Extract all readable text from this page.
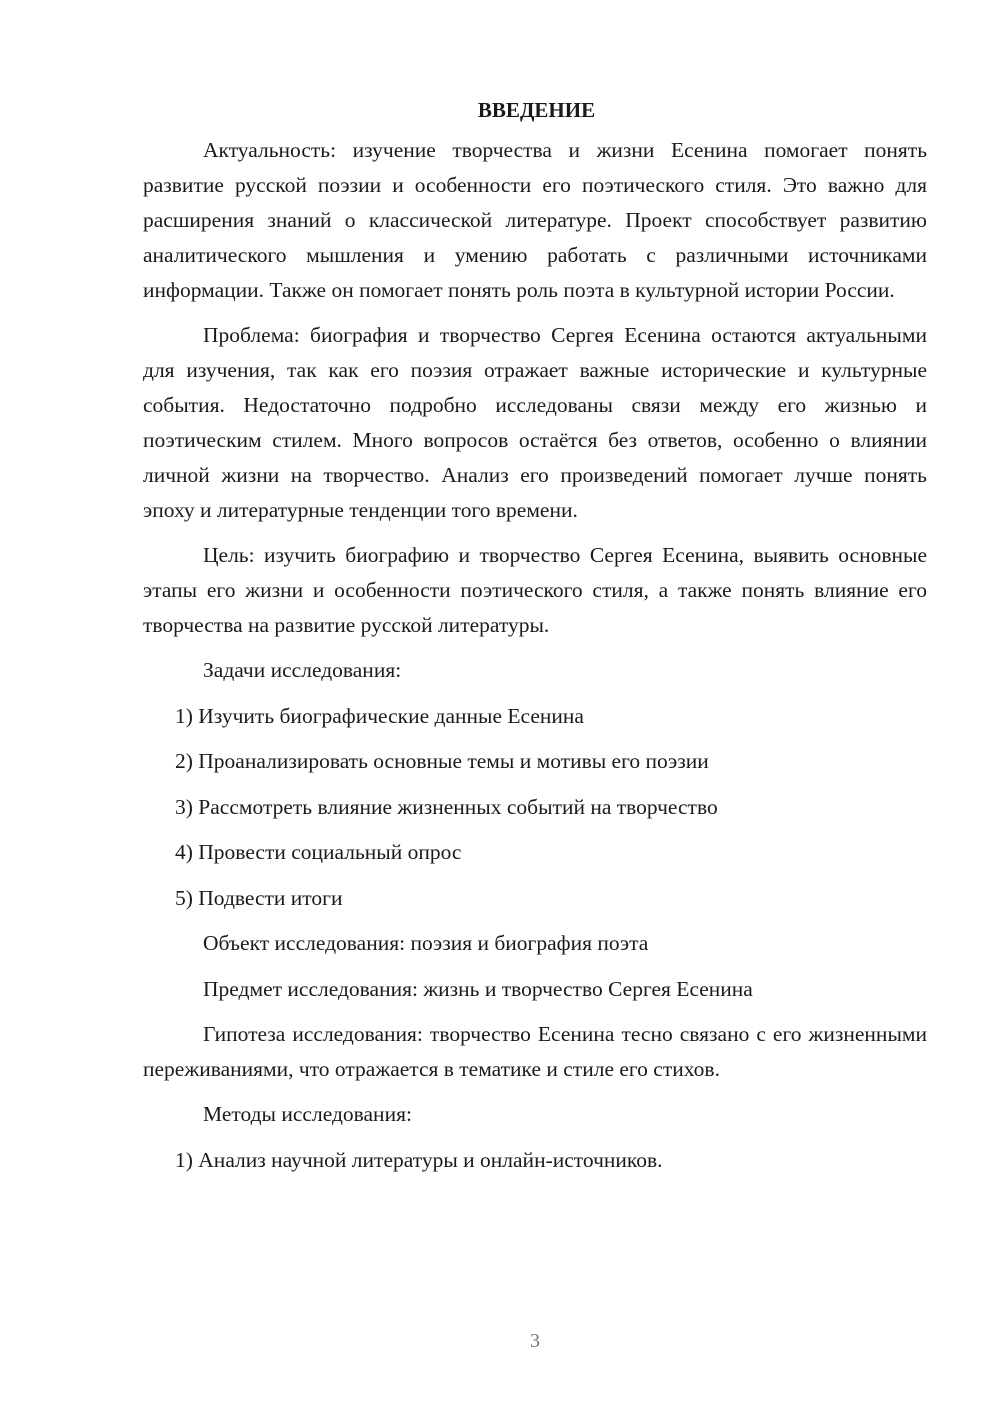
ВВЕДЕНИЕ

Актуальность: изучение творчества и жизни Есенина помогает понять развитие русской поэзии и особенности его поэтического стиля. Это важно для расширения знаний о классической литературе. Проект способствует развитию аналитического мышления и умению работать с различными источниками информации. Также он помогает понять роль поэта в культурной истории России.

Проблема: биография и творчество Сергея Есенина остаются актуальными для изучения, так как его поэзия отражает важные исторические и культурные события. Недостаточно подробно исследованы связи между его жизнью и поэтическим стилем. Много вопросов остаётся без ответов, особенно о влиянии личной жизни на творчество. Анализ его произведений помогает лучше понять эпоху и литературные тенденции того времени.

Цель: изучить биографию и творчество Сергея Есенина, выявить основные этапы его жизни и особенности поэтического стиля, а также понять влияние его творчества на развитие русской литературы.

Задачи исследования:
1) Изучить биографические данные Есенина
2) Проанализировать основные темы и мотивы его поэзии
3) Рассмотреть влияние жизненных событий на творчество
4) Провести социальный опрос
5) Подвести итоги
Объект исследования: поэзия и биография поэта
Предмет исследования: жизнь и творчество Сергея Есенина

Гипотеза исследования: творчество Есенина тесно связано с его жизненными переживаниями, что отражается в тематике и стиле его стихов.

Методы исследования:
1) Анализ научной литературы и онлайн-источников.
3
